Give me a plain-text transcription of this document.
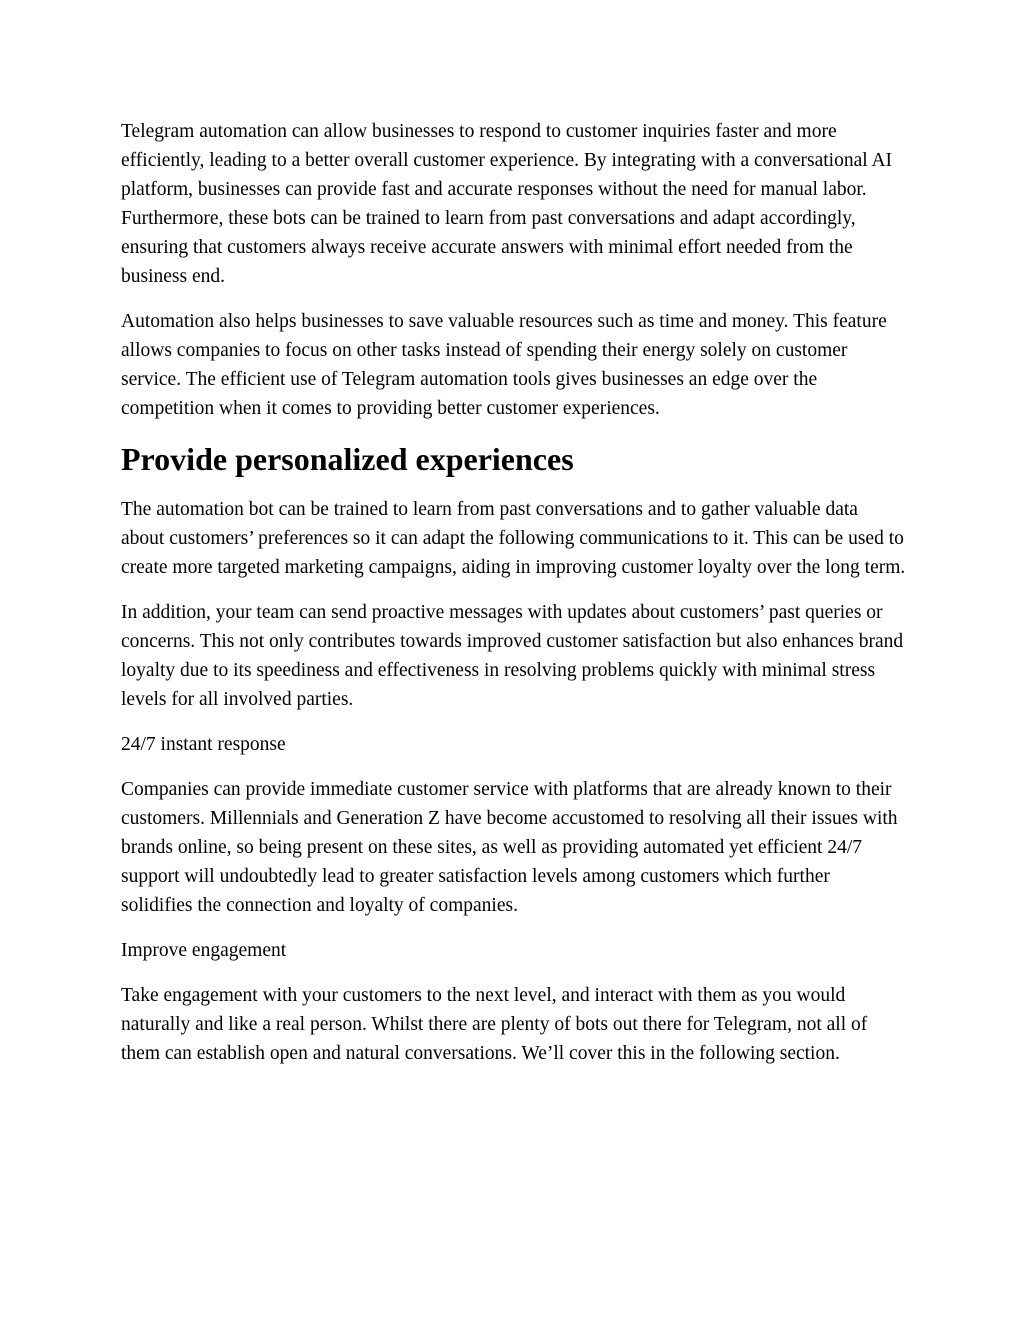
Telegram automation can allow businesses to respond to customer inquiries faster and more efficiently, leading to a better overall customer experience. By integrating with a conversational AI platform, businesses can provide fast and accurate responses without the need for manual labor. Furthermore, these bots can be trained to learn from past conversations and adapt accordingly, ensuring that customers always receive accurate answers with minimal effort needed from the business end.

Automation also helps businesses to save valuable resources such as time and money. This feature allows companies to focus on other tasks instead of spending their energy solely on customer service. The efficient use of Telegram automation tools gives businesses an edge over the competition when it comes to providing better customer experiences.

Provide personalized experiences

The automation bot can be trained to learn from past conversations and to gather valuable data about customers’ preferences so it can adapt the following communications to it. This can be used to create more targeted marketing campaigns, aiding in improving customer loyalty over the long term.

In addition, your team can send proactive messages with updates about customers’ past queries or concerns. This not only contributes towards improved customer satisfaction but also enhances brand loyalty due to its speediness and effectiveness in resolving problems quickly with minimal stress levels for all involved parties.

24/7 instant response

Companies can provide immediate customer service with platforms that are already known to their customers. Millennials and Generation Z have become accustomed to resolving all their issues with brands online, so being present on these sites, as well as providing automated yet efficient 24/7 support will undoubtedly lead to greater satisfaction levels among customers which further solidifies the connection and loyalty of companies.

Improve engagement

Take engagement with your customers to the next level, and interact with them as you would naturally and like a real person. Whilst there are plenty of bots out there for Telegram, not all of them can establish open and natural conversations. We’ll cover this in the following section.
